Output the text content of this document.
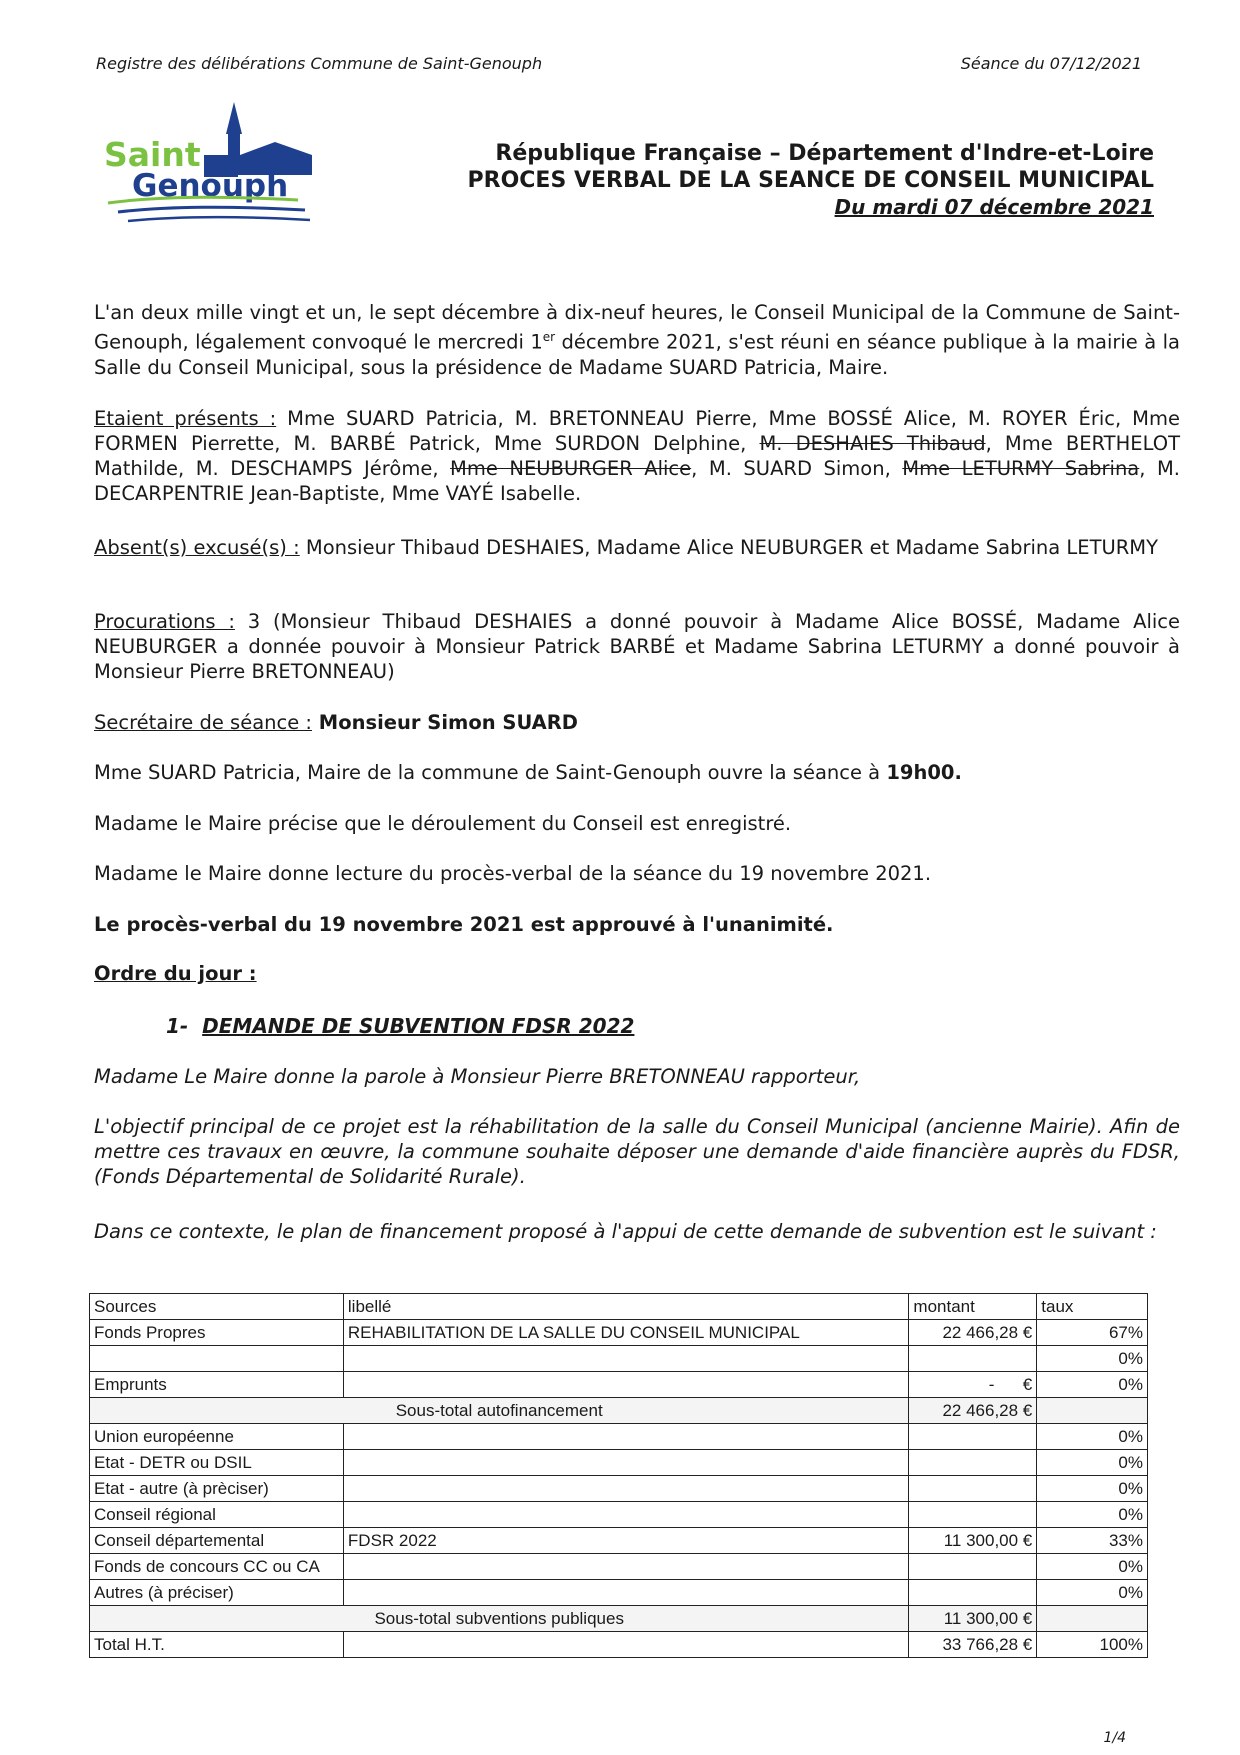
Registre des délibérations Commune de Saint-Genouph	Séance du 07/12/2021
Saint
Genouph
République Française – Département d'Indre-et-Loire
PROCES VERBAL DE LA SEANCE DE CONSEIL MUNICIPAL
Du mardi 07 décembre 2021
L'an deux mille vingt et un, le sept décembre à dix-neuf heures, le Conseil Municipal de la Commune de Saint-Genouph, légalement convoqué le mercredi 1er décembre 2021, s'est réuni en séance publique à la mairie à la Salle du Conseil Municipal, sous la présidence de Madame SUARD Patricia, Maire.
Etaient présents : Mme SUARD Patricia, M. BRETONNEAU Pierre, Mme BOSSÉ Alice, M. ROYER Éric, Mme FORMEN Pierrette, M. BARBÉ Patrick, Mme SURDON Delphine, M. DESHAIES Thibaud, Mme BERTHELOT Mathilde, M. DESCHAMPS Jérôme, Mme NEUBURGER Alice, M. SUARD Simon, Mme LETURMY Sabrina, M. DECARPENTRIE Jean-Baptiste, Mme VAYÉ Isabelle.
Absent(s) excusé(s) : Monsieur Thibaud DESHAIES, Madame Alice NEUBURGER et Madame Sabrina LETURMY
Procurations : 3 (Monsieur Thibaud DESHAIES a donné pouvoir à Madame Alice BOSSÉ, Madame Alice NEUBURGER a donnée pouvoir à Monsieur Patrick BARBÉ et Madame Sabrina LETURMY a donné pouvoir à Monsieur Pierre BRETONNEAU)
Secrétaire de séance : Monsieur Simon SUARD
Mme SUARD Patricia, Maire de la commune de Saint-Genouph ouvre la séance à 19h00.
Madame le Maire précise que le déroulement du Conseil est enregistré.
Madame le Maire donne lecture du procès-verbal de la séance du 19 novembre 2021.
Le procès-verbal du 19 novembre 2021 est approuvé à l'unanimité.
Ordre du jour :
1- DEMANDE DE SUBVENTION FDSR 2022
Madame Le Maire donne la parole à Monsieur Pierre BRETONNEAU rapporteur,
L'objectif principal de ce projet est la réhabilitation de la salle du Conseil Municipal (ancienne Mairie). Afin de mettre ces travaux en œuvre, la commune souhaite déposer une demande d'aide financière auprès du FDSR, (Fonds Départemental de Solidarité Rurale).
Dans ce contexte, le plan de financement proposé à l'appui de cette demande de subvention est le suivant :
Sources	libellé	montant	taux
Fonds Propres	REHABILITATION DE LA SALLE DU CONSEIL MUNICIPAL	22 466,28 €	67%
			0%
Emprunts		-      €	0%
Sous-total autofinancement		22 466,28 €	
Union européenne			0%
Etat - DETR ou DSIL			0%
Etat - autre (à prèciser)			0%
Conseil régional			0%
Conseil départemental	FDSR 2022	11 300,00 €	33%
Fonds de concours CC ou CA			0%
Autres (à préciser)			0%
Sous-total subventions publiques		11 300,00 €	
Total H.T.		33 766,28 €	100%
1/4
